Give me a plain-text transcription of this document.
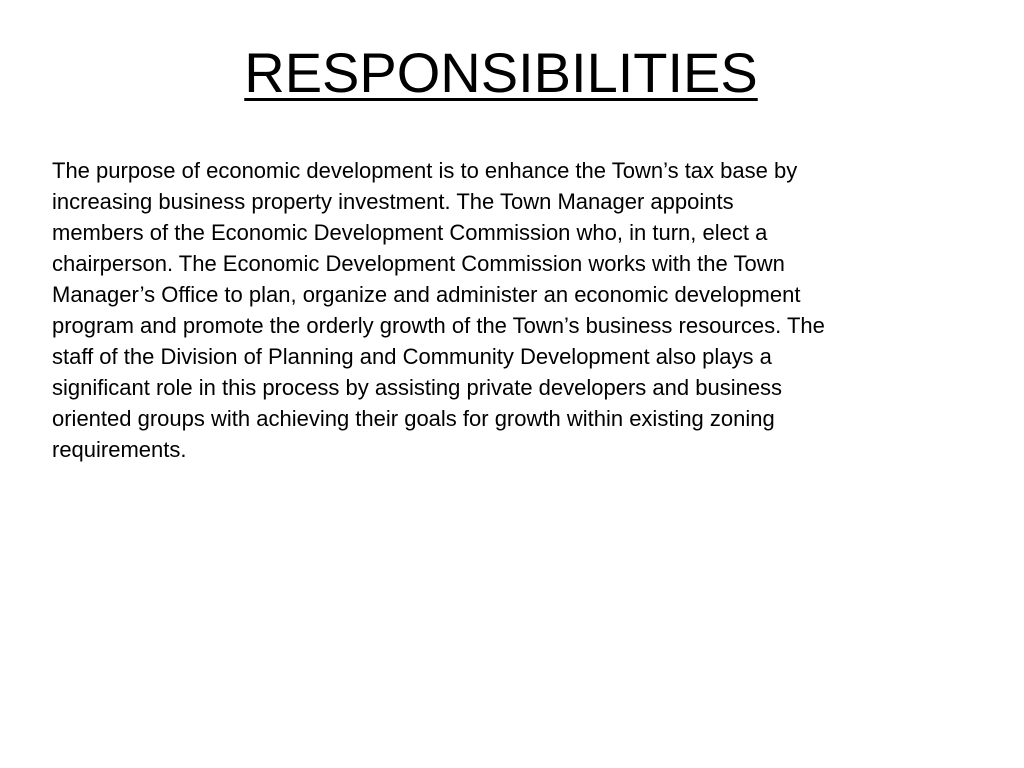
RESPONSIBILITIES

The purpose of economic development is to enhance the Town’s tax base by
increasing business property investment. The Town Manager appoints
members of the Economic Development Commission who, in turn, elect a
chairperson. The Economic Development Commission works with the Town
Manager’s Office to plan, organize and administer an economic development
program and promote the orderly growth of the Town’s business resources. The
staff of the Division of Planning and Community Development also plays a
significant role in this process by assisting private developers and business
oriented groups with achieving their goals for growth within existing zoning
requirements.
